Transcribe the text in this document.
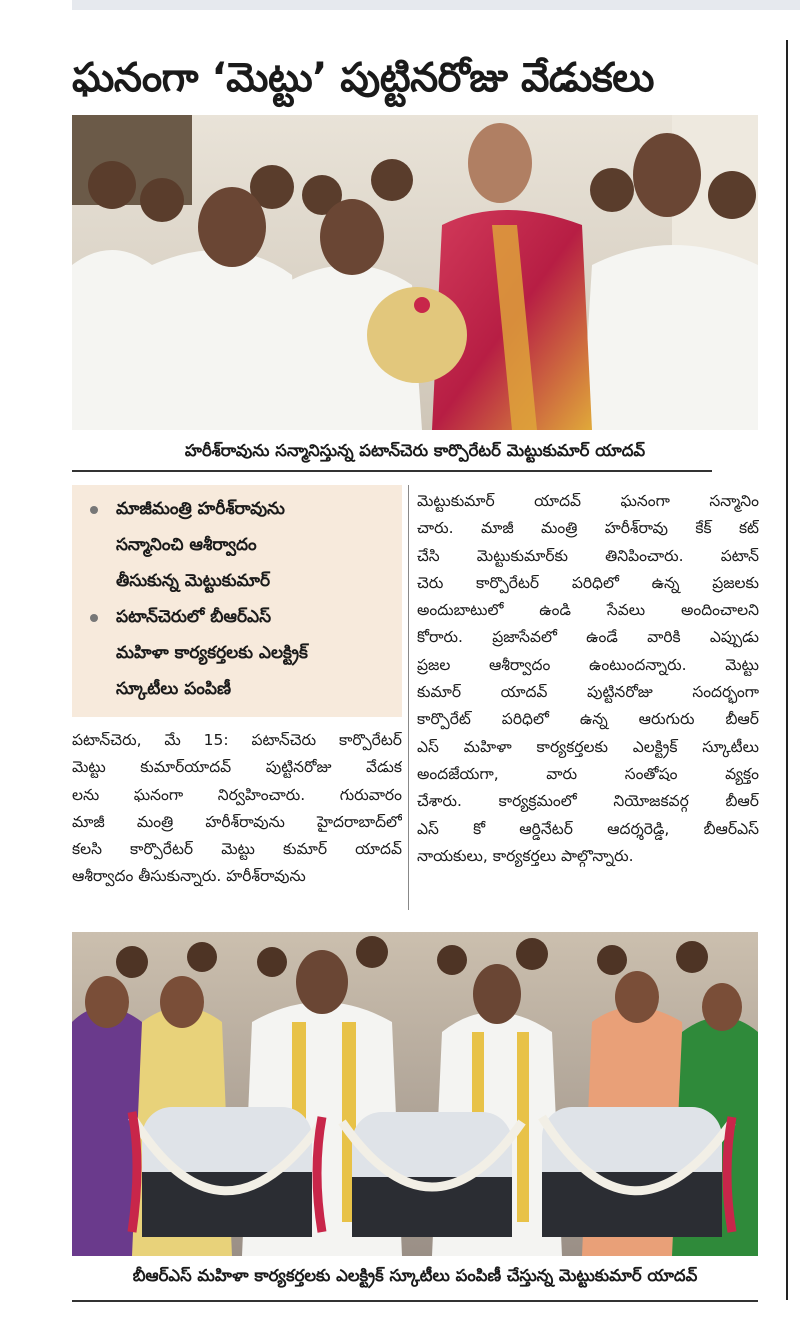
ఘనంగా ‘మెట్టు’ పుట్టినరోజు వేడుకలు
హరీశ్‌రావును సన్మానిస్తున్న పటాన్‌చెరు కార్పొరేటర్ మెట్టుకుమార్ యాదవ్
మాజీమంత్రి హరీశ్‌రావును
సన్మానించి ఆశీర్వాదం
తీసుకున్న మెట్టుకుమార్
పటాన్‌చెరులో బీఆర్ఎస్
మహిళా కార్యకర్తలకు ఎలక్ట్రిక్
స్కూటీలు పంపిణీ
పటాన్‌చెరు, మే 15: పటాన్‌చెరు కార్పొరేటర్
మెట్టు కుమార్‌యాదవ్ పుట్టినరోజు వేడుక
లను ఘనంగా నిర్వహించారు. గురువారం
మాజీ మంత్రి హరీశ్‌రావును హైదరాబాద్‌లో
కలసి కార్పొరేటర్ మెట్టు కుమార్ యాదవ్
ఆశీర్వాదం తీసుకున్నారు. హరీశ్‌రావును
మెట్టుకుమార్ యాదవ్ ఘనంగా సన్మానిం
చారు. మాజీ మంత్రి హరీశ్‌రావు కేక్ కట్
చేసి మెట్టుకుమార్‌కు తినిపించారు. పటాన్
చెరు కార్పొరేటర్ పరిధిలో ఉన్న ప్రజలకు
అందుబాటులో ఉండి సేవలు అందించాలని
కోరారు. ప్రజాసేవలో ఉండే వారికి ఎప్పుడు
ప్రజల ఆశీర్వాదం ఉంటుందన్నారు. మెట్టు
కుమార్ యాదవ్ పుట్టినరోజు సందర్భంగా
కార్పొరేట్ పరిధిలో ఉన్న ఆరుగురు బీఆర్
ఎస్ మహిళా కార్యకర్తలకు ఎలక్ట్రిక్ స్కూటీలు
అందజేయగా, వారు సంతోషం వ్యక్తం
చేశారు. కార్యక్రమంలో నియోజకవర్గ బీఆర్
ఎస్ కో ఆర్డినేటర్ ఆదర్శరెడ్డి, బీఆర్ఎస్
నాయకులు, కార్యకర్తలు పాల్గొన్నారు.
బీఆర్ఎస్ మహిళా కార్యకర్తలకు ఎలక్ట్రిక్ స్కూటీలు పంపిణీ చేస్తున్న మెట్టుకుమార్ యాదవ్
